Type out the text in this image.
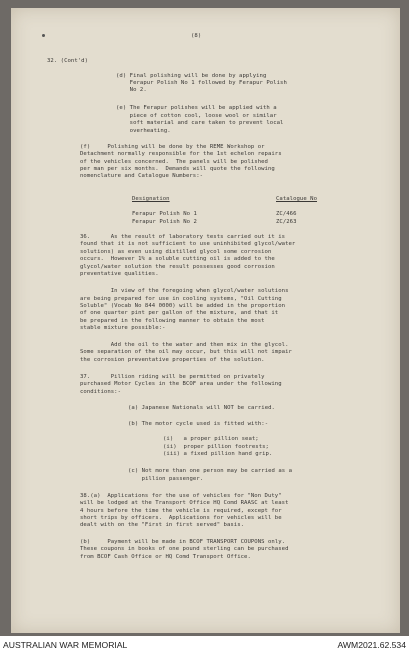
(8)
32. (Cont'd)
(d) Final polishing will be done by applying
Ferapur Polish No 1 followed by Ferapur Polish
No 2.
(e) The Ferapur polishes will be applied with a
piece of cotton cool, loose wool or similar
soft material and care taken to prevent local
overheating.
(f)     Polishing will be done by the REME Workshop or
Detachment normally responsible for the 1st echelon repairs
of the vehicles concerned.  The panels will be polished
per man per six months.  Demands will quote the following
nomenclature and Catalogue Numbers:-
Designation	Catalogue No
Ferapur Polish No 1	ZC/466
Ferapur Polish No 2	ZC/263
36.      As the result of laboratory tests carried out it is
found that it is not sufficient to use uninhibited glycol/water
solutions) as even using distilled glycol some corrosion
occurs.  However 1% a soluble cutting oil is added to the
glycol/water solution the result possesses good corrosion
preventative qualities.
In view of the foregoing when glycol/water solutions
are being prepared for use in cooling systems, "Oil Cutting
Soluble" (Vocab No 844 0000) will be added in the proportion
of one quarter pint per gallon of the mixture, and that it
be prepared in the following manner to obtain the most
stable mixture possible:-
Add the oil to the water and then mix in the glycol.
Some separation of the oil may occur, but this will not impair
the corrosion preventative properties of the solution.
37.      Pillion riding will be permitted on privately
purchased Motor Cycles in the BCOF area under the following
conditions:-
(a) Japanese Nationals will NOT be carried.
(b) The motor cycle used is fitted with:-
(i)   a proper pillion seat;
(ii)  proper pillion footrests;
(iii) a fixed pillion hand grip.
(c) Not more than one person may be carried as a
pillion passenger.
38.(a)  Applications for the use of vehicles for "Non Duty"
will be lodged at the Transport Office HQ Comd RAASC at least
4 hours before the time the vehicle is required, except for
short trips by officers.  Applications for vehicles will be
dealt with on the "First in first served" basis.
(b)     Payment will be made in BCOF TRANSPORT COUPONS only.
These coupons in books of one pound sterling can be purchased
from BCOF Cash Office or HQ Comd Transport Office.
AUSTRALIAN WAR MEMORIAL	AWM2021.62.534
